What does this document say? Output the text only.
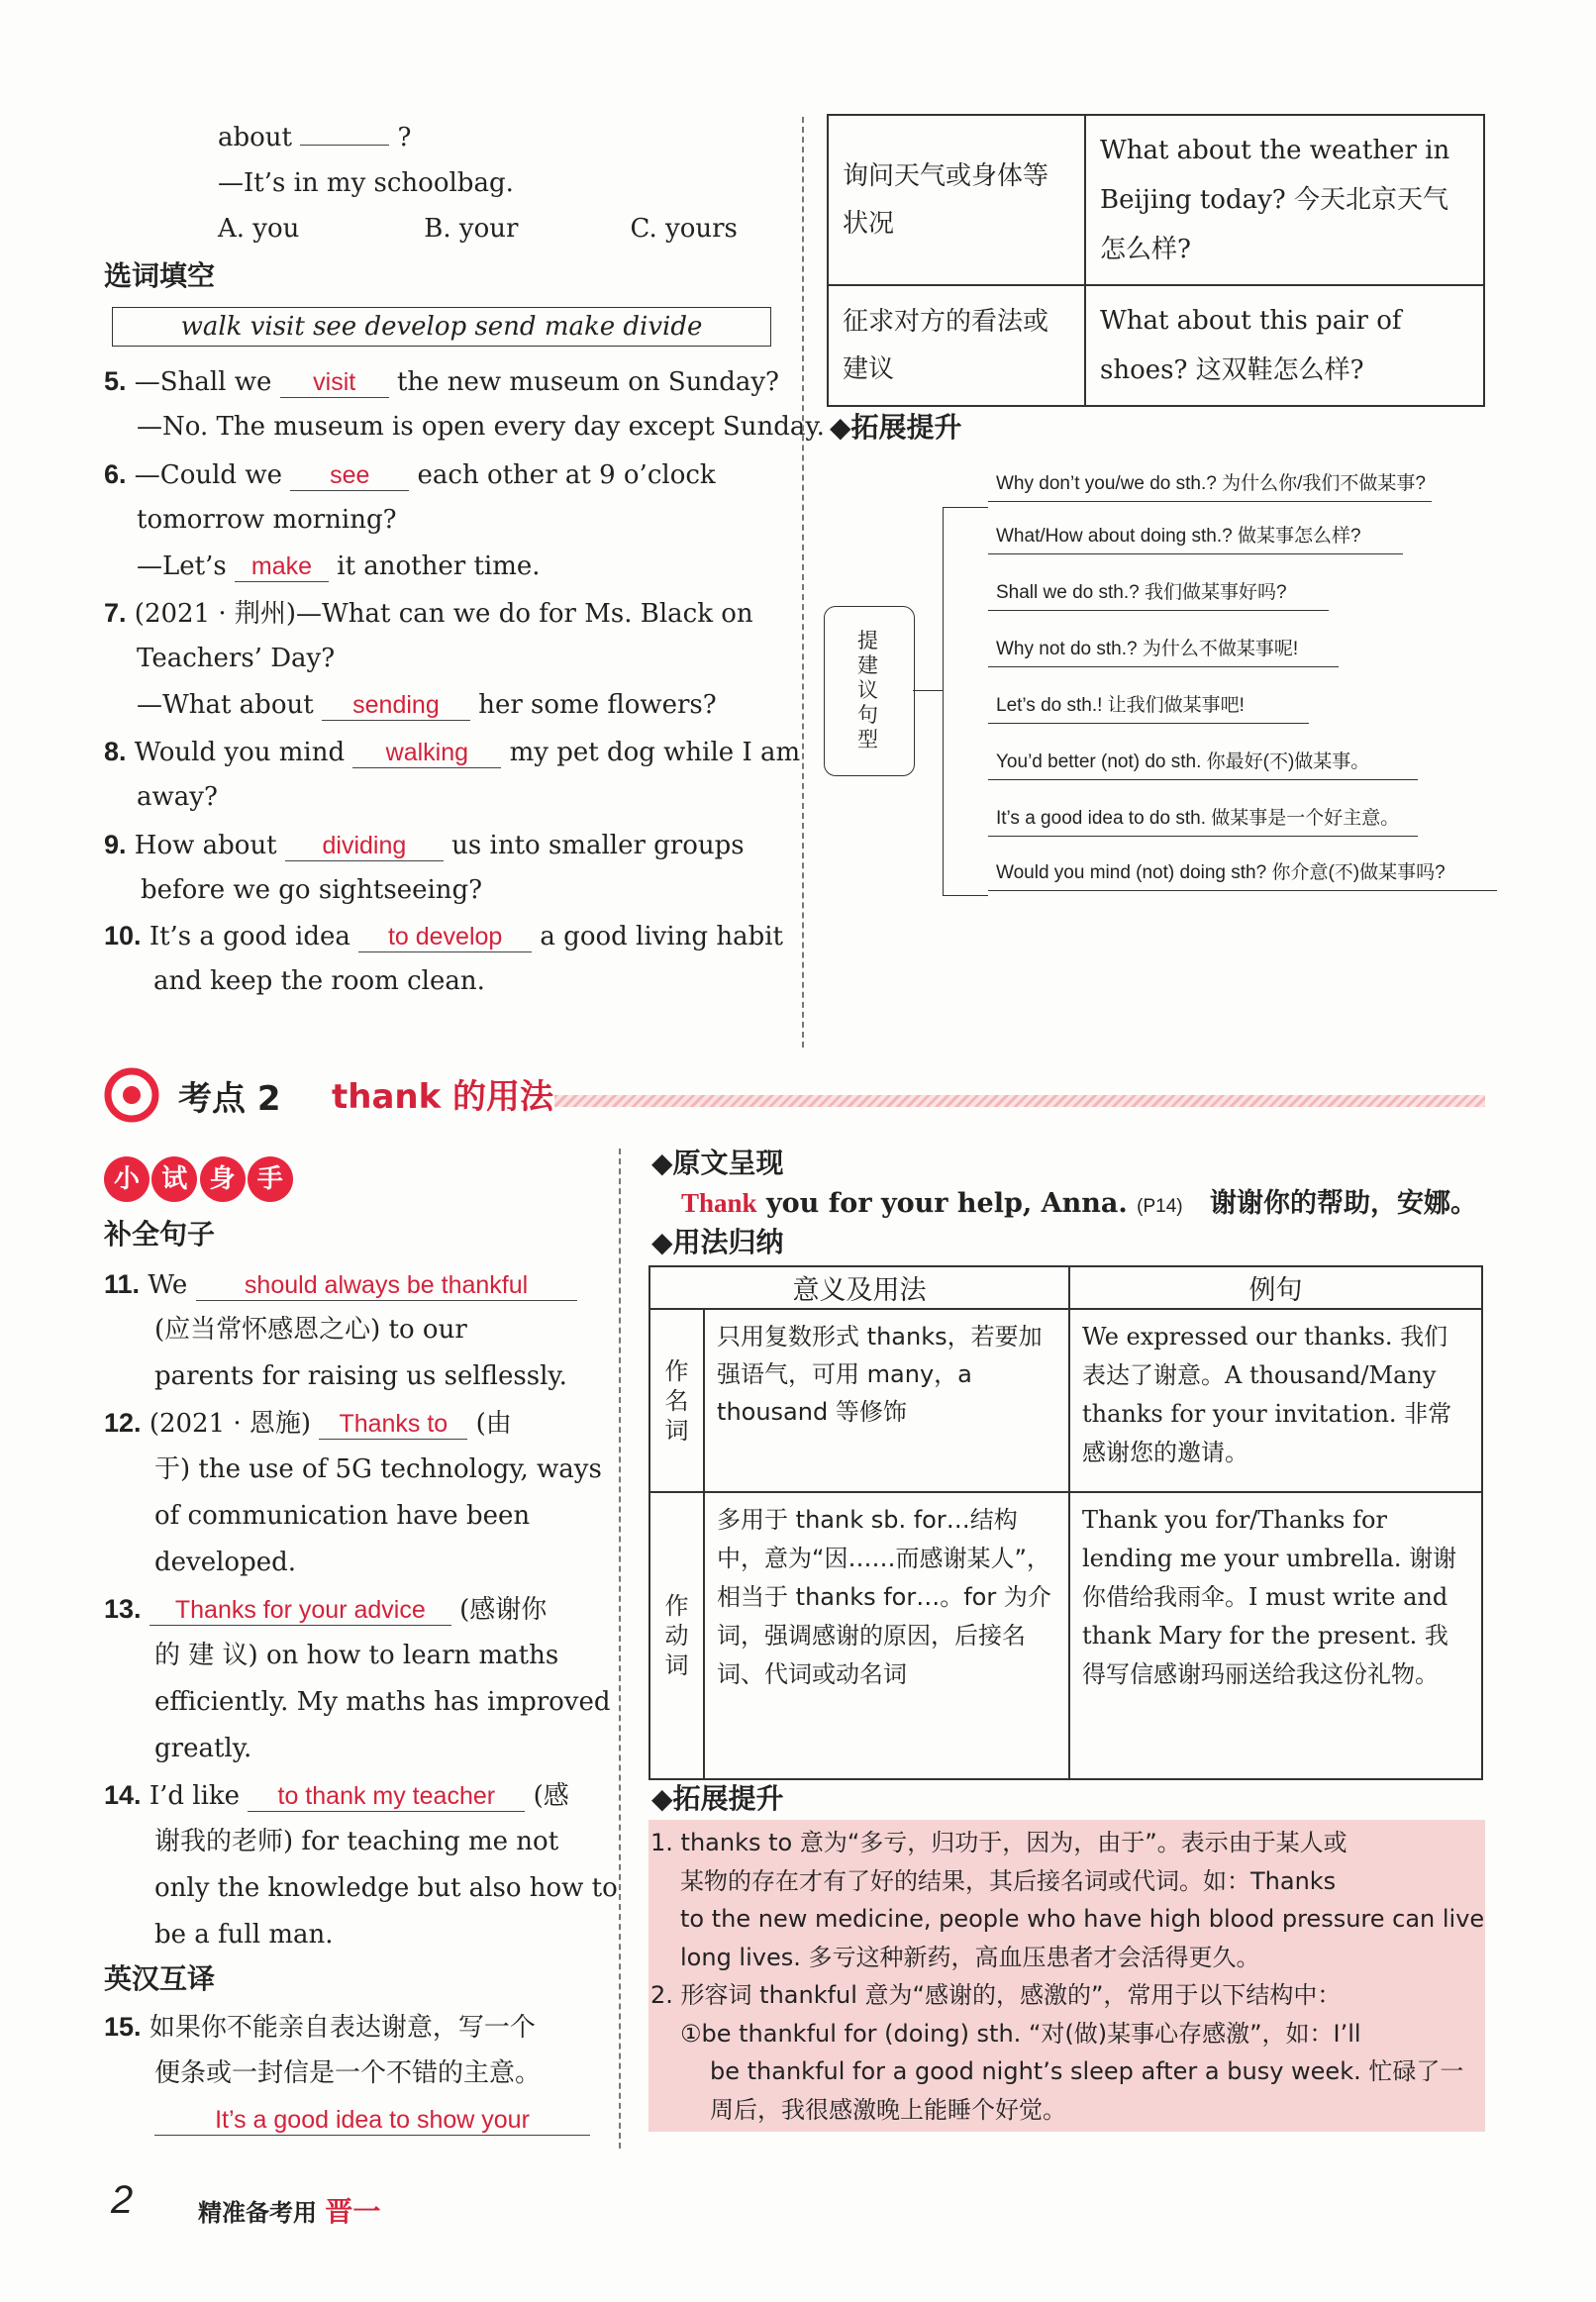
about	?
—It’s in my schoolbag.
A. you	B. your	C. yours
选词填空
walk visit see develop send make divide
5. —Shall we visit the new museum on Sunday?
—No. The museum is open every day except Sunday.
6. —Could we see each other at 9 o’clock
tomorrow morning?
—Let’s make it another time.
7. (2021 · 荆州)—What can we do for Ms. Black on
Teachers’ Day?
—What about sending her some flowers?
8. Would you mind walking my pet dog while I am
away?
9. How about dividing us into smaller groups
before we go sightseeing?
10. It’s a good idea to develop a good living habit
and keep the room clean.
询问天气或身体等状况	What about the weather in Beijing today? 今天北京天气怎么样?
征求对方的看法或建议	What about this pair of shoes? 这双鞋怎么样?
◆拓展提升
提建议句型
Why don’t you/we do sth.? 为什么你/我们不做某事?
What/How about doing sth.? 做某事怎么样?
Shall we do sth.? 我们做某事好吗?
Why not do sth.? 为什么不做某事呢!
Let’s do sth.! 让我们做某事吧!
You’d better (not) do sth. 你最好(不)做某事。
It’s a good idea to do sth. 做某事是一个好主意。
Would you mind (not) doing sth? 你介意(不)做某事吗?
考点 2 thank 的用法
小 试 身 手
补全句子
11. We should always be thankful
(应当常怀感恩之心) to our
parents for raising us selflessly.
12. (2021 · 恩施) Thanks to (由
于) the use of 5G technology, ways
of communication have been
developed.
13. Thanks for your advice (感谢你
的 建 议) on how to learn maths
efficiently. My maths has improved
greatly.
14. I’d like to thank my teacher (感
谢我的老师) for teaching me not
only the knowledge but also how to
be a full man.
英汉互译
15. 如果你不能亲自表达谢意，写一个
便条或一封信是一个不错的主意。
It’s a good idea to show your
◆原文呈现
Thank you for your help, Anna. (P14) 谢谢你的帮助，安娜。
◆用法归纳
意义及用法		例句
作名词	只用复数形式 thanks，若要加强语气，可用 many，a thousand 等修饰	We expressed our thanks. 我们表达了谢意。A thousand/Many thanks for your invitation. 非常感谢您的邀请。
作动词	多用于 thank sb. for…结构中，意为“因……而感谢某人”，相当于 thanks for…。for 为介词，强调感谢的原因，后接名词、代词或动名词	Thank you for/Thanks for lending me your umbrella. 谢谢你借给我雨伞。I must write and thank Mary for the present. 我得写信感谢玛丽送给我这份礼物。
◆拓展提升
1. thanks to 意为“多亏，归功于，因为，由于”。表示由于某人或
某物的存在才有了好的结果，其后接名词或代词。如：Thanks
to the new medicine, people who have high blood pressure can live
long lives. 多亏这种新药，高血压患者才会活得更久。
2. 形容词 thankful 意为“感谢的，感激的”，常用于以下结构中：
①be thankful for (doing) sth. “对(做)某事心存感激”，如：I’ll
be thankful for a good night’s sleep after a busy week. 忙碌了一
周后，我很感激晚上能睡个好觉。
2	精准备考用 晋一
